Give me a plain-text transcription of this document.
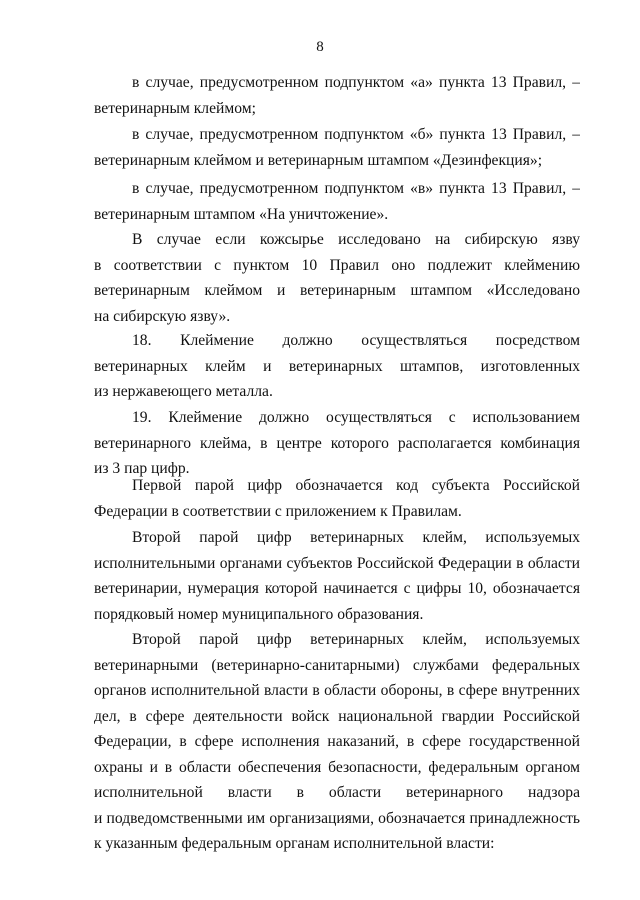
8
в случае, предусмотренном подпунктом «а» пункта 13 Правил, –
ветеринарным клеймом;
в случае, предусмотренном подпунктом «б» пункта 13 Правил, –
ветеринарным клеймом и ветеринарным штампом «Дезинфекция»;
в случае, предусмотренном подпунктом «в» пункта 13 Правил, –
ветеринарным штампом «На уничтожение».
В случае если кожсырье исследовано на сибирскую язву
в соответствии с пунктом 10 Правил оно подлежит клеймению
ветеринарным клеймом и ветеринарным штампом «Исследовано
на сибирскую язву».
18. Клеймение должно осуществляться посредством
ветеринарных клейм и ветеринарных штампов, изготовленных
из нержавеющего металла.
19. Клеймение должно осуществляться с использованием
ветеринарного клейма, в центре которого располагается комбинация
из 3 пар цифр.
Первой парой цифр обозначается код субъекта Российской
Федерации в соответствии с приложением к Правилам.
Второй парой цифр ветеринарных клейм, используемых
исполнительными органами субъектов Российской Федерации в области
ветеринарии, нумерация которой начинается с цифры 10, обозначается
порядковый номер муниципального образования.
Второй парой цифр ветеринарных клейм, используемых
ветеринарными (ветеринарно-санитарными) службами федеральных
органов исполнительной власти в области обороны, в сфере внутренних
дел, в сфере деятельности войск национальной гвардии Российской
Федерации, в сфере исполнения наказаний, в сфере государственной
охраны и в области обеспечения безопасности, федеральным органом
исполнительной власти в области ветеринарного надзора
и подведомственными им организациями, обозначается принадлежность
к указанным федеральным органам исполнительной власти:
